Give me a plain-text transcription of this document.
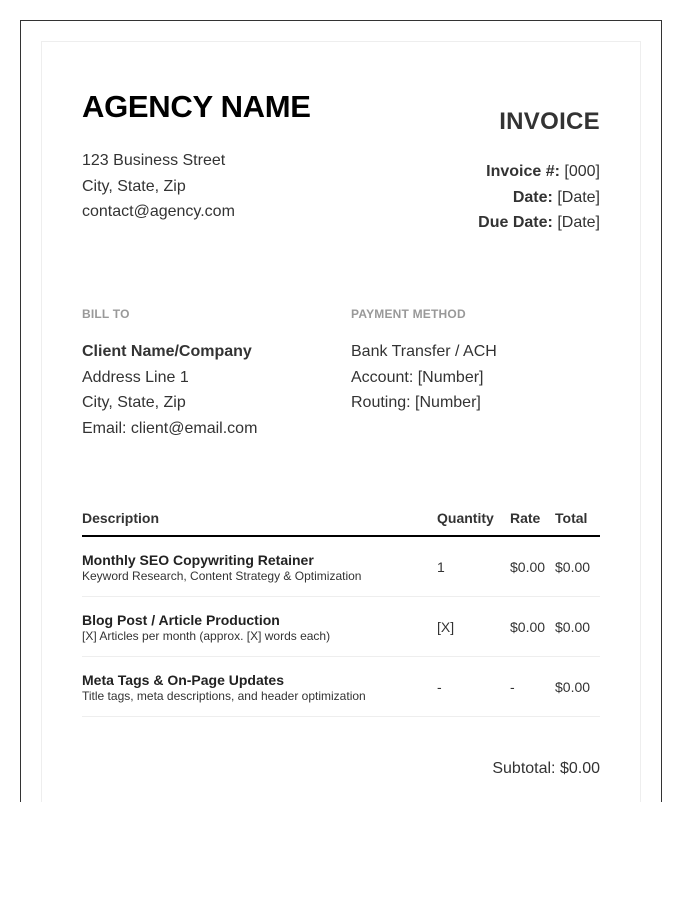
AGENCY NAME
123 Business Street
City, State, Zip
contact@agency.com
INVOICE
Invoice #: [000]
Date: [Date]
Due Date: [Date]
BILL TO
Client Name/Company
Address Line 1
City, State, Zip
Email: client@email.com
PAYMENT METHOD
Bank Transfer / ACH
Account: [Number]
Routing: [Number]
Description	Quantity Rate Total
Monthly SEO Copywriting Retainer
Keyword Research, Content Strategy & Optimization
1	$0.00 $0.00
Blog Post / Article Production
[X] Articles per month (approx. [X] words each)
[X]	$0.00 $0.00
Meta Tags & On-Page Updates
Title tags, meta descriptions, and header optimization
-	-	$0.00
Subtotal: $0.00
